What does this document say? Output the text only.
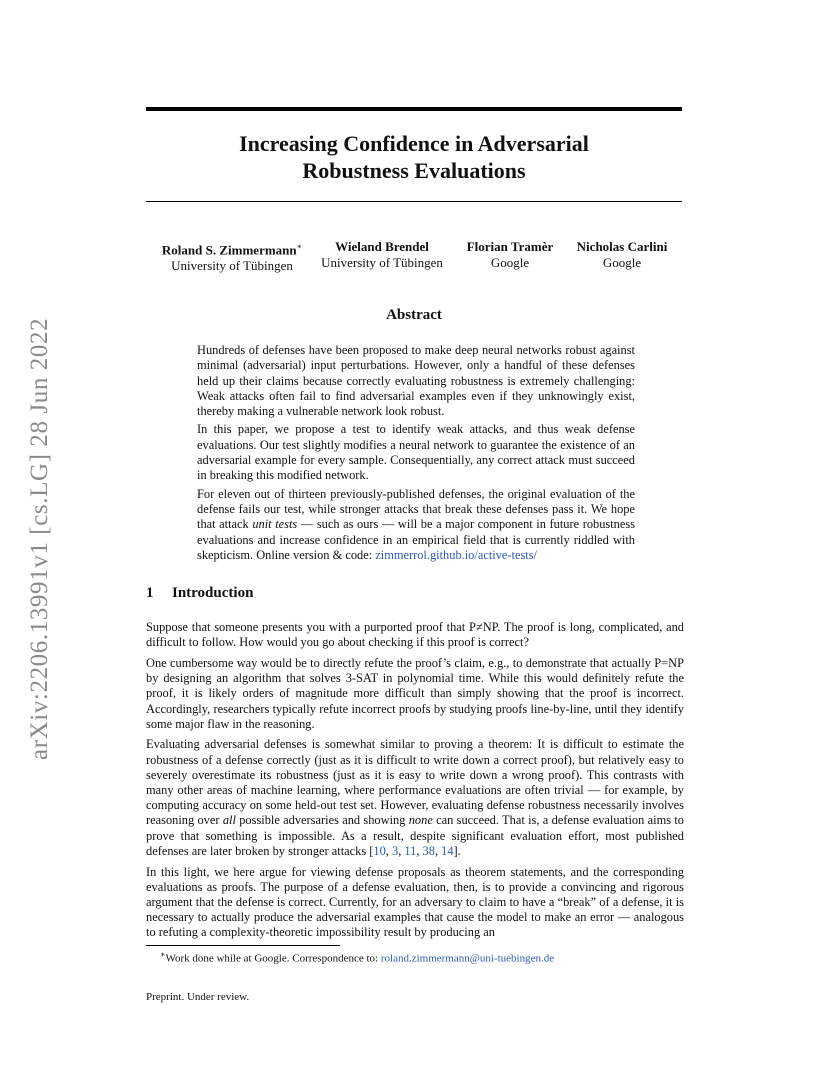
arXiv:2206.13991v1 [cs.LG] 28 Jun 2022
Increasing Confidence in Adversarial
Robustness Evaluations
Roland S. Zimmermann∗
University of Tübingen
Wieland Brendel
University of Tübingen
Florian Tramèr
Google
Nicholas Carlini
Google
Abstract

Hundreds of defenses have been proposed to make deep neural networks robust against minimal (adversarial) input perturbations. However, only a handful of these defenses held up their claims because correctly evaluating robustness is extremely challenging: Weak attacks often fail to find adversarial examples even if they unknowingly exist, thereby making a vulnerable network look robust.

In this paper, we propose a test to identify weak attacks, and thus weak defense evaluations. Our test slightly modifies a neural network to guarantee the existence of an adversarial example for every sample. Consequentially, any correct attack must succeed in breaking this modified network.

For eleven out of thirteen previously-published defenses, the original evaluation of the defense fails our test, while stronger attacks that break these defenses pass it. We hope that attack unit tests — such as ours — will be a major component in future robustness evaluations and increase confidence in an empirical field that is currently riddled with skepticism. Online version & code: zimmerrol.github.io/active-tests/

1 Introduction

Suppose that someone presents you with a purported proof that P≠NP. The proof is long, complicated, and difficult to follow. How would you go about checking if this proof is correct?

One cumbersome way would be to directly refute the proof’s claim, e.g., to demonstrate that actually P=NP by designing an algorithm that solves 3-SAT in polynomial time. While this would definitely refute the proof, it is likely orders of magnitude more difficult than simply showing that the proof is incorrect. Accordingly, researchers typically refute incorrect proofs by studying proofs line-by-line, until they identify some major flaw in the reasoning.

Evaluating adversarial defenses is somewhat similar to proving a theorem: It is difficult to estimate the robustness of a defense correctly (just as it is difficult to write down a correct proof), but relatively easy to severely overestimate its robustness (just as it is easy to write down a wrong proof). This contrasts with many other areas of machine learning, where performance evaluations are often trivial — for example, by computing accuracy on some held-out test set. However, evaluating defense robustness necessarily involves reasoning over all possible adversaries and showing none can succeed. That is, a defense evaluation aims to prove that something is impossible. As a result, despite significant evaluation effort, most published defenses are later broken by stronger attacks [10, 3, 11, 38, 14].

In this light, we here argue for viewing defense proposals as theorem statements, and the corresponding evaluations as proofs. The purpose of a defense evaluation, then, is to provide a convincing and rigorous argument that the defense is correct. Currently, for an adversary to claim to have a “break” of a defense, it is necessary to actually produce the adversarial examples that cause the model to make an error — analogous to refuting a complexity-theoretic impossibility result by producing an

∗Work done while at Google. Correspondence to: roland.zimmermann@uni-tuebingen.de
Preprint. Under review.
